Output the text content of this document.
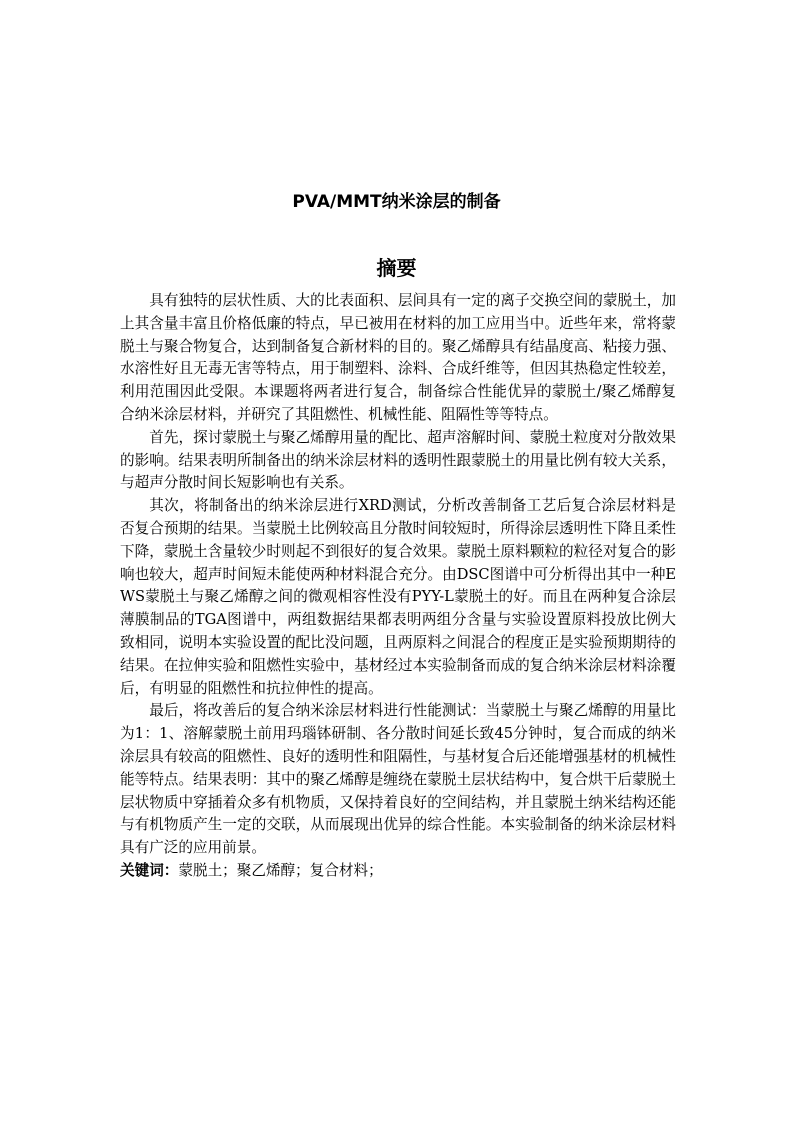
PVA/MMT纳米涂层的制备
摘要

具有独特的层状性质、大的比表面积、层间具有一定的离子交换空间的蒙脱土，加上其含量丰富且价格低廉的特点，早已被用在材料的加工应用当中。近些年来，常将蒙脱土与聚合物复合，达到制备复合新材料的目的。聚乙烯醇具有结晶度高、粘接力强、水溶性好且无毒无害等特点，用于制塑料、涂料、合成纤维等，但因其热稳定性较差，利用范围因此受限。本课题将两者进行复合，制备综合性能优异的蒙脱土/聚乙烯醇复合纳米涂层材料，并研究了其阻燃性、机械性能、阻隔性等等特点。

首先，探讨蒙脱土与聚乙烯醇用量的配比、超声溶解时间、蒙脱土粒度对分散效果的影响。结果表明所制备出的纳米涂层材料的透明性跟蒙脱土的用量比例有较大关系，与超声分散时间长短影响也有关系。

其次，将制备出的纳米涂层进行XRD测试，分析改善制备工艺后复合涂层材料是否复合预期的结果。当蒙脱土比例较高且分散时间较短时，所得涂层透明性下降且柔性下降，蒙脱土含量较少时则起不到很好的复合效果。蒙脱土原料颗粒的粒径对复合的影响也较大，超声时间短未能使两种材料混合充分。由DSC图谱中可分析得出其中一种EWS蒙脱土与聚乙烯醇之间的微观相容性没有PYY-L蒙脱土的好。而且在两种复合涂层薄膜制品的TGA图谱中，两组数据结果都表明两组分含量与实验设置原料投放比例大致相同，说明本实验设置的配比没问题，且两原料之间混合的程度正是实验预期期待的结果。在拉伸实验和阻燃性实验中，基材经过本实验制备而成的复合纳米涂层材料涂覆后，有明显的阻燃性和抗拉伸性的提高。

最后，将改善后的复合纳米涂层材料进行性能测试：当蒙脱土与聚乙烯醇的用量比为1：1、溶解蒙脱土前用玛瑙钵研制、各分散时间延长致45分钟时，复合而成的纳米涂层具有较高的阻燃性、良好的透明性和阻隔性，与基材复合后还能增强基材的机械性能等特点。结果表明：其中的聚乙烯醇是缠绕在蒙脱土层状结构中，复合烘干后蒙脱土层状物质中穿插着众多有机物质，又保持着良好的空间结构，并且蒙脱土纳米结构还能与有机物质产生一定的交联，从而展现出优异的综合性能。本实验制备的纳米涂层材料具有广泛的应用前景。

关键词：蒙脱土；聚乙烯醇；复合材料；
